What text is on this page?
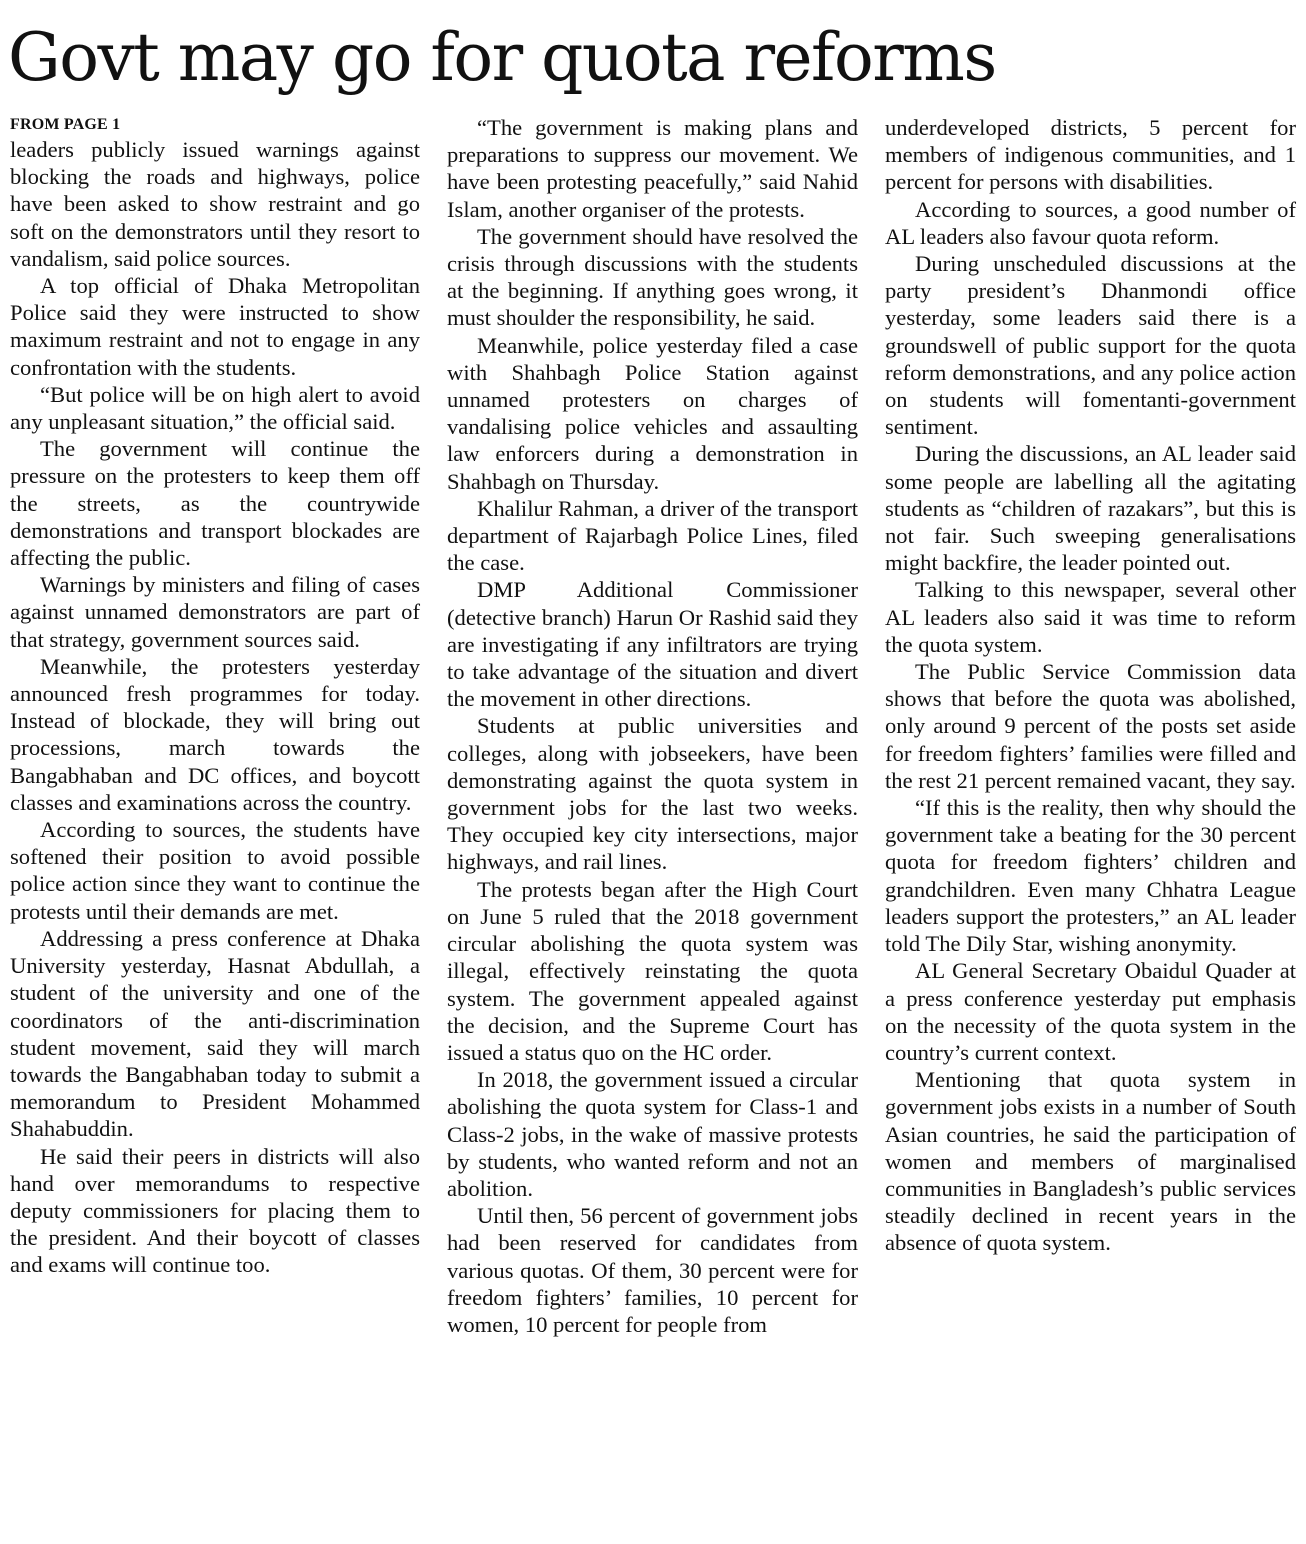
Govt may go for quota reforms
FROM PAGE 1

leaders publicly issued warnings against blocking the roads and highways, police have been asked to show restraint and go soft on the demonstrators until they resort to vandalism, said police sources.

A top official of Dhaka Metropolitan Police said they were instructed to show maximum restraint and not to engage in any confrontation with the students.

“But police will be on high alert to avoid any unpleasant situation,” the official said.

The government will continue the pressure on the protesters to keep them off the streets, as the countrywide demonstrations and transport blockades are affecting the public.

Warnings by ministers and filing of cases against unnamed demonstrators are part of that strategy, government sources said.

Meanwhile, the protesters yesterday announced fresh programmes for today. Instead of blockade, they will bring out processions, march towards the Bangabhaban and DC offices, and boycott classes and examinations across the country.

According to sources, the students have softened their position to avoid possible police action since they want to continue the protests until their demands are met.

Addressing a press conference at Dhaka University yesterday, Hasnat Abdullah, a student of the university and one of the coordinators of the anti-discrimination student movement, said they will march towards the Bangabhaban today to submit a memorandum to President Mohammed Shahabuddin.

He said their peers in districts will also hand over memorandums to respective deputy commissioners for placing them to the president. And their boycott of classes and exams will continue too.

“The government is making plans and preparations to suppress our movement. We have been protesting peacefully,” said Nahid Islam, another organiser of the protests.

The government should have resolved the crisis through discussions with the students at the beginning. If anything goes wrong, it must shoulder the responsibility, he said.

Meanwhile, police yesterday filed a case with Shahbagh Police Station against unnamed protesters on charges of vandalising police vehicles and assaulting law enforcers during a demonstration in Shahbagh on Thursday.

Khalilur Rahman, a driver of the transport department of Rajarbagh Police Lines, filed the case.

DMP Additional Commissioner (detective branch) Harun Or Rashid said they are investigating if any infiltrators are trying to take advantage of the situation and divert the movement in other directions.

Students at public universities and colleges, along with jobseekers, have been demonstrating against the quota system in government jobs for the last two weeks. They occupied key city intersections, major highways, and rail lines.

The protests began after the High Court on June 5 ruled that the 2018 government circular abolishing the quota system was illegal, effectively reinstating the quota system. The government appealed against the decision, and the Supreme Court has issued a status quo on the HC order.

In 2018, the government issued a circular abolishing the quota system for Class-1 and Class-2 jobs, in the wake of massive protests by students, who wanted reform and not an abolition.

Until then, 56 percent of government jobs had been reserved for candidates from various quotas. Of them, 30 percent were for freedom fighters’ families, 10 percent for women, 10 percent for people from

underdeveloped districts, 5 percent for members of indigenous communities, and 1 percent for persons with disabilities.

According to sources, a good number of AL leaders also favour quota reform.

During unscheduled discussions at the party president’s Dhanmondi office yesterday, some leaders said there is a groundswell of public support for the quota reform demonstrations, and any police action on students will fomentanti-government sentiment.

During the discussions, an AL leader said some people are labelling all the agitating students as “children of razakars”, but this is not fair. Such sweeping generalisations might backfire, the leader pointed out.

Talking to this newspaper, several other AL leaders also said it was time to reform the quota system.

The Public Service Commission data shows that before the quota was abolished, only around 9 percent of the posts set aside for freedom fighters’ families were filled and the rest 21 percent remained vacant, they say.

“If this is the reality, then why should the government take a beating for the 30 percent quota for freedom fighters’ children and grandchildren. Even many Chhatra League leaders support the protesters,” an AL leader told The Dily Star, wishing anonymity.

AL General Secretary Obaidul Quader at a press conference yesterday put emphasis on the necessity of the quota system in the country’s current context.

Mentioning that quota system in government jobs exists in a number of South Asian countries, he said the participation of women and members of marginalised communities in Bangladesh’s public services steadily declined in recent years in the absence of quota system.
